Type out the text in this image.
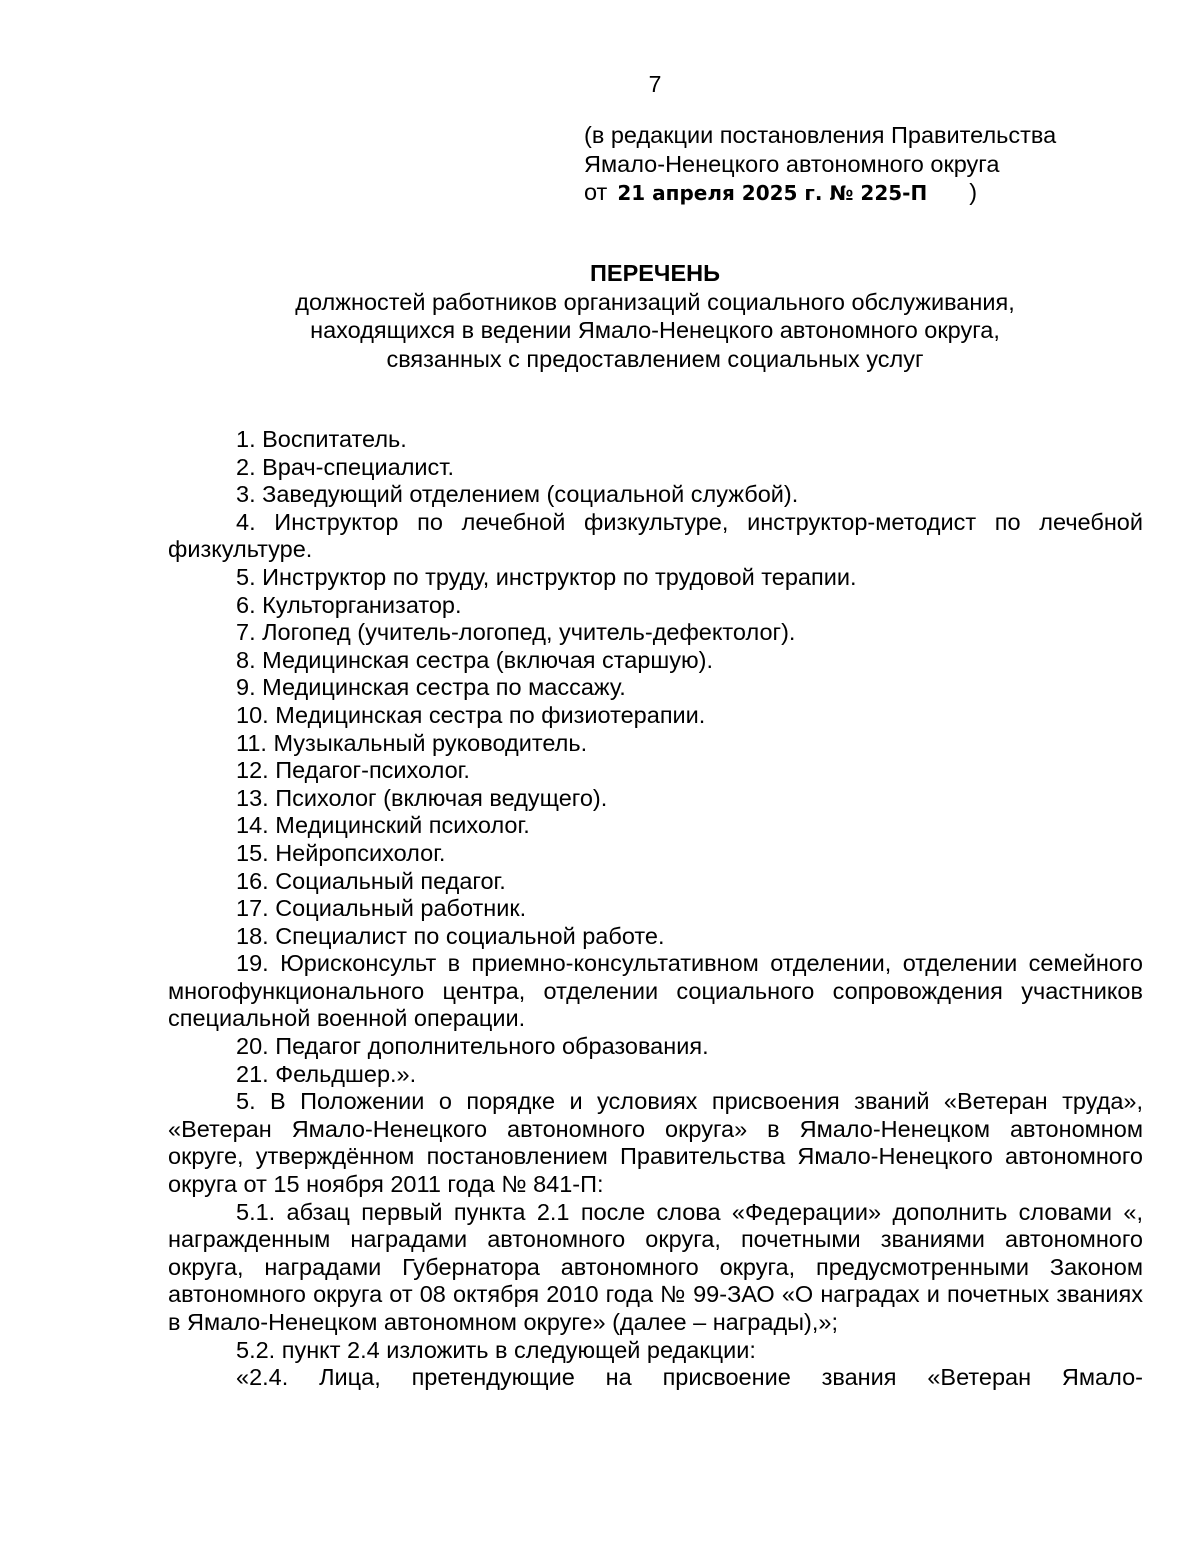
7
(в редакции постановления Правительства
Ямало-Ненецкого автономного округа
от 21 апреля 2025 г. № 225-П )
ПЕРЕЧЕНЬ
должностей работников организаций социального обслуживания,
находящихся в ведении Ямало-Ненецкого автономного округа,
связанных с предоставлением социальных услуг

1. Воспитатель.

2. Врач-специалист.

3. Заведующий отделением (социальной службой).

4. Инструктор по лечебной физкультуре, инструктор-методист по лечебной физкультуре.

5. Инструктор по труду, инструктор по трудовой терапии.

6. Культорганизатор.

7. Логопед (учитель-логопед, учитель-дефектолог).

8. Медицинская сестра (включая старшую).

9. Медицинская сестра по массажу.

10. Медицинская сестра по физиотерапии.

11. Музыкальный руководитель.

12. Педагог-психолог.

13. Психолог (включая ведущего).

14. Медицинский психолог.

15. Нейропсихолог.

16. Социальный педагог.

17. Социальный работник.

18. Специалист по социальной работе.

19. Юрисконсульт в приемно-консультативном отделении, отделении семейного многофункционального центра, отделении социального сопровождения участников специальной военной операции.

20. Педагог дополнительного образования.

21. Фельдшер.».

5. В Положении о порядке и условиях присвоения званий «Ветеран труда», «Ветеран Ямало-Ненецкого автономного округа» в Ямало-Ненецком автономном округе, утверждённом постановлением Правительства Ямало-Ненецкого автономного округа от 15 ноября 2011 года № 841-П:

5.1. абзац первый пункта 2.1 после слова «Федерации» дополнить словами «, награжденным наградами автономного округа, почетными званиями автономного округа, наградами Губернатора автономного округа, предусмотренными Законом автономного округа от 08 октября 2010 года № 99-ЗАО «О наградах и почетных званиях в Ямало-Ненецком автономном округе» (далее – награды),»;

5.2. пункт 2.4 изложить в следующей редакции:

«2.4. Лица, претендующие на присвоение звания «Ветеран Ямало-
